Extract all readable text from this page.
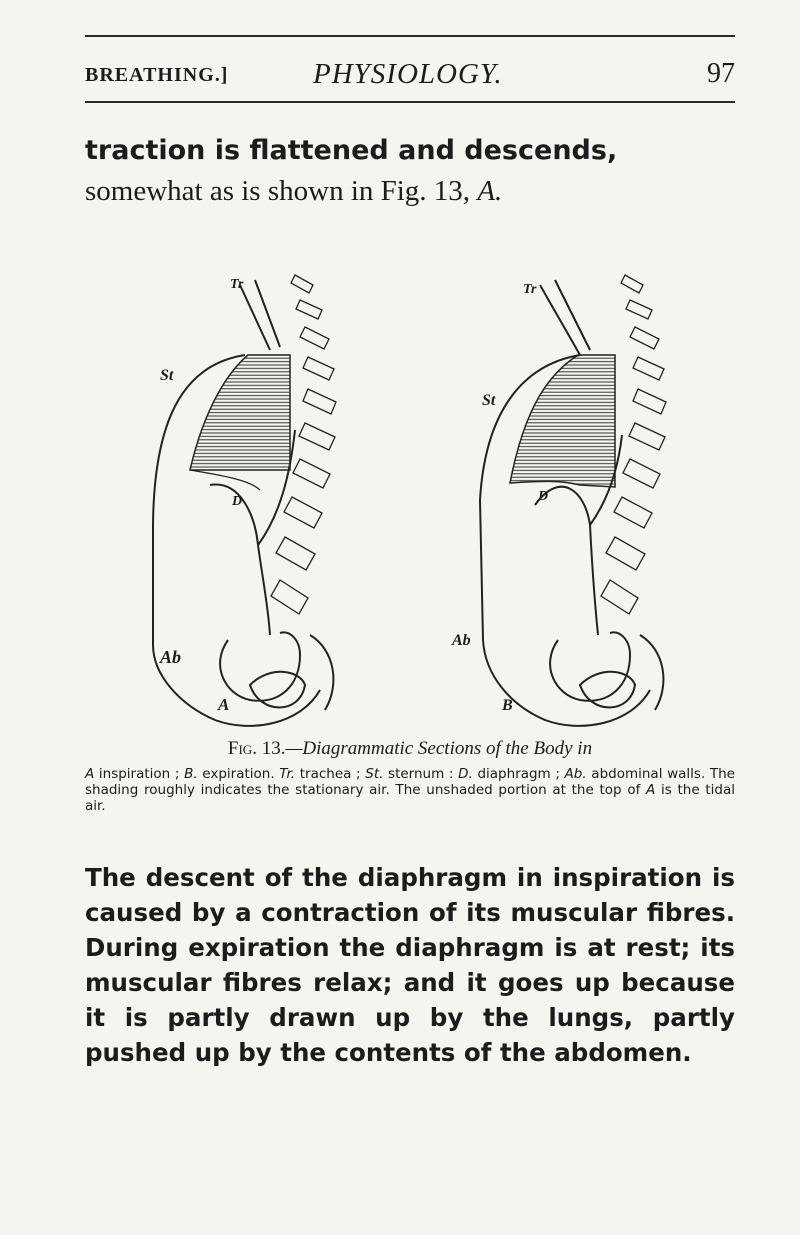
BREATHING.]	PHYSIOLOGY.	97
traction is flattened and descends, somewhat as is shown in Fig. 13, A.
Tr
St
D
Ab
A
Tr
St
D
Ab
B
Fig. 13.—Diagrammatic Sections of the Body in
A inspiration ; B. expiration. Tr. trachea ; St. sternum : D. diaphragm ; Ab. abdominal walls. The shading roughly indicates the stationary air. The unshaded portion at the top of A is the tidal air.
The descent of the diaphragm in inspiration is caused by a contraction of its muscular fibres. During expiration the diaphragm is at rest; its muscular fibres relax; and it goes up because it is partly drawn up by the lungs, partly pushed up by the contents of the abdomen.
